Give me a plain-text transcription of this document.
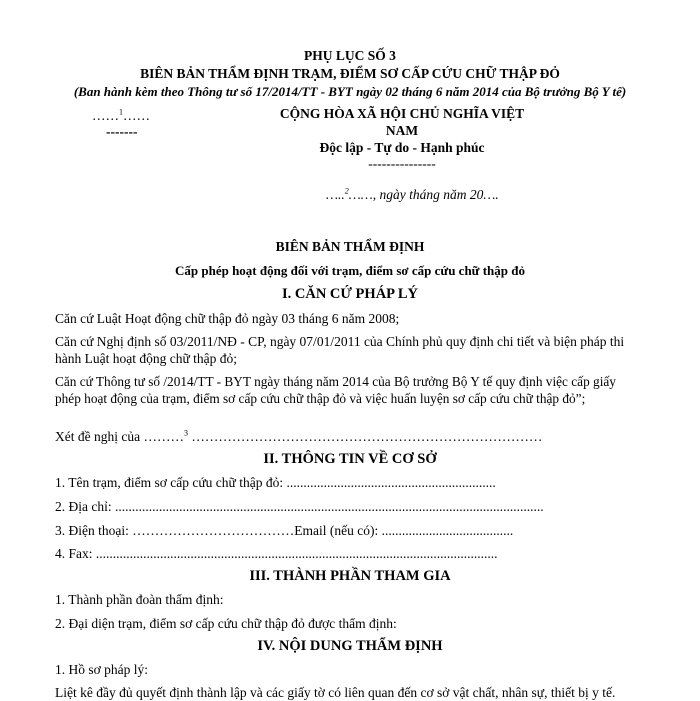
PHỤ LỤC SỐ 3
BIÊN BẢN THẨM ĐỊNH TRẠM, ĐIỂM SƠ CẤP CỨU CHỮ THẬP ĐỎ
(Ban hành kèm theo Thông tư số 17/2014/TT - BYT ngày 02 tháng 6 năm 2014 của Bộ trưởng Bộ Y tế)
……$^1$……
-------
CỘNG HÒA XÃ HỘI CHỦ NGHĨA VIỆT
NAM
Độc lập - Tự do - Hạnh phúc
---------------
…..$^2$……, ngày tháng năm 20….
BIÊN BẢN THẨM ĐỊNH
Cấp phép hoạt động đối với trạm, điểm sơ cấp cứu chữ thập đỏ
I. CĂN CỨ PHÁP LÝ
Căn cứ Luật Hoạt động chữ thập đỏ ngày 03 tháng 6 năm 2008;
Căn cứ Nghị định số 03/2011/NĐ - CP, ngày 07/01/2011 của Chính phủ quy định chi tiết và biện pháp thi hành Luật hoạt động chữ thập đỏ;
Căn cứ Thông tư số /2014/TT - BYT ngày tháng năm 2014 của Bộ trưởng Bộ Y tế quy định việc cấp giấy phép hoạt động của trạm, điểm sơ cấp cứu chữ thập đỏ và việc huấn luyện sơ cấp cứu chữ thập đỏ”;
Xét đề nghị của ………$^3$ ……………………………………………………………………
II. THÔNG TIN VỀ CƠ SỞ
1. Tên trạm, điểm sơ cấp cứu chữ thập đỏ: ..............................................................
2. Địa chỉ: ...............................................................................................................................
3. Điện thoại: ………………………………Email (nếu có): .......................................
4. Fax: .......................................................................................................................
III. THÀNH PHẦN THAM GIA
1. Thành phần đoàn thẩm định:
2. Đại diện trạm, điểm sơ cấp cứu chữ thập đỏ được thẩm định:
IV. NỘI DUNG THẨM ĐỊNH
1. Hồ sơ pháp lý:
Liệt kê đầy đủ quyết định thành lập và các giấy tờ có liên quan đến cơ sở vật chất, nhân sự, thiết bị y tế.
